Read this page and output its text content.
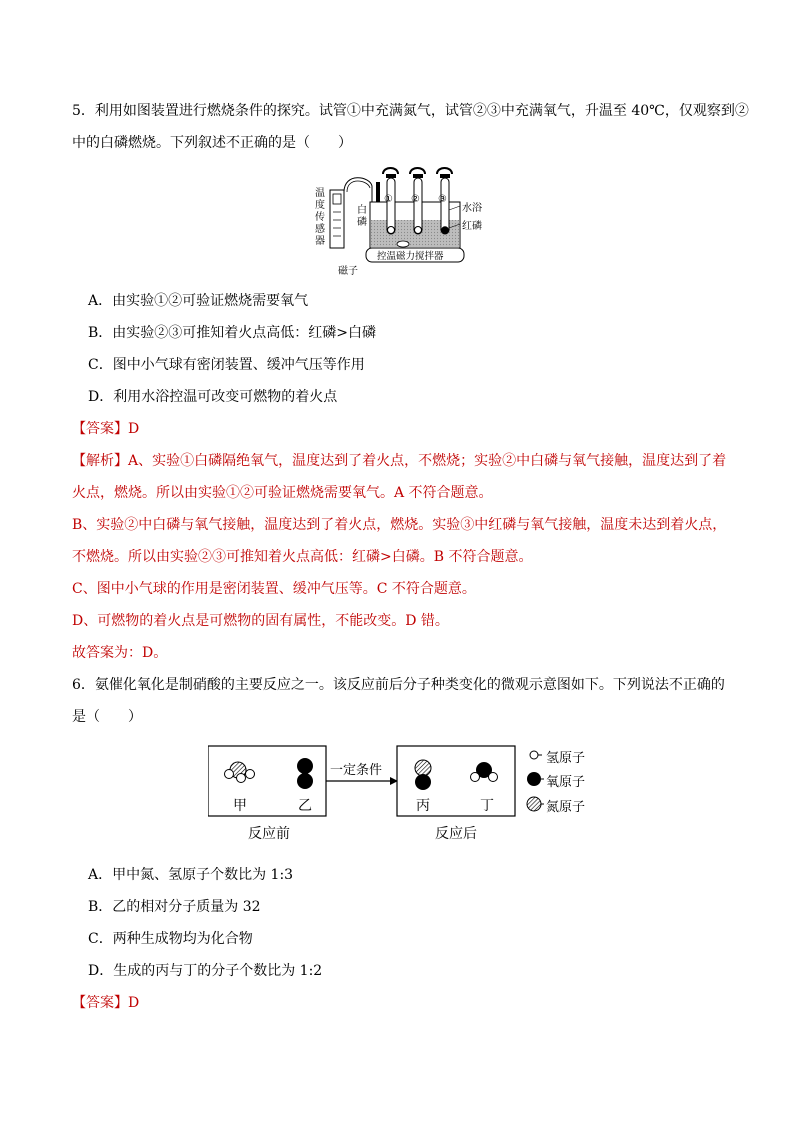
5．利用如图装置进行燃烧条件的探究。试管①中充满氮气，试管②③中充满氧气，升温至 40℃，仅观察到②
中的白磷燃烧。下列叙述不正确的是（　　）
温
度
传
感
器
白
磷
① ② ③
水浴
红磷
控温磁力搅拌器
磁子
A．由实验①②可验证燃烧需要氧气
B．由实验②③可推知着火点高低：红磷>白磷
C．图中小气球有密闭装置、缓冲气压等作用
D．利用水浴控温可改变可燃物的着火点
【答案】D
【解析】A、实验①白磷隔绝氧气，温度达到了着火点，不燃烧；实验②中白磷与氧气接触，温度达到了着
火点，燃烧。所以由实验①②可验证燃烧需要氧气。A 不符合题意。
B、实验②中白磷与氧气接触，温度达到了着火点，燃烧。实验③中红磷与氧气接触，温度未达到着火点，
不燃烧。所以由实验②③可推知着火点高低：红磷>白磷。B 不符合题意。
C、图中小气球的作用是密闭装置、缓冲气压等。C 不符合题意。
D、可燃物的着火点是可燃物的固有属性，不能改变。D 错。
故答案为：D。
6．氨催化氧化是制硝酸的主要反应之一。该反应前后分子种类变化的微观示意图如下。下列说法不正确的
是（　　）
甲	乙	丙	丁
一定条件
反应前	反应后
氢原子
氧原子
氮原子
A．甲中氮、氢原子个数比为 1:3
B．乙的相对分子质量为 32
C．两种生成物均为化合物
D．生成的丙与丁的分子个数比为 1:2
【答案】D
